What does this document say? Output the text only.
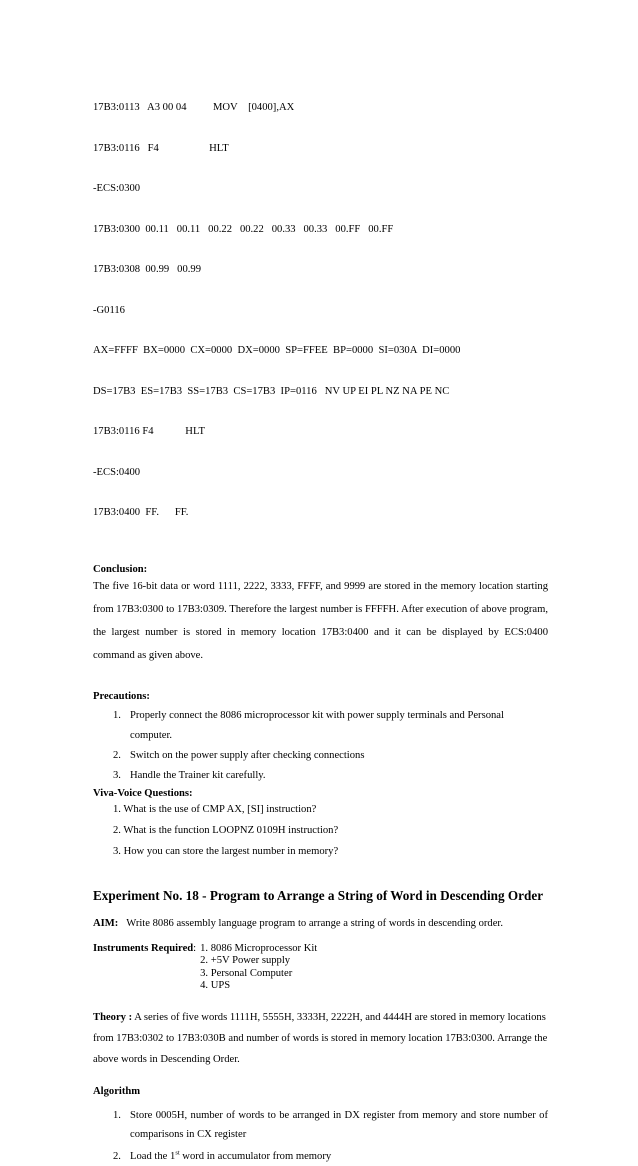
17B3:0113   A3 00 04          MOV    [0400],AX

17B3:0116   F4                   HLT

-ECS:0300

17B3:0300  00.11   00.11   00.22   00.22   00.33   00.33   00.FF   00.FF

17B3:0308  00.99   00.99

-G0116

AX=FFFF  BX=0000  CX=0000  DX=0000  SP=FFEE  BP=0000  SI=030A  DI=0000

DS=17B3  ES=17B3  SS=17B3  CS=17B3  IP=0116   NV UP EI PL NZ NA PE NC

17B3:0116 F4            HLT

-ECS:0400

17B3:0400  FF.      FF.

Conclusion:
The five 16-bit data or word 1111, 2222, 3333, FFFF, and 9999 are stored in the memory location starting from 17B3:0300 to 17B3:0309. Therefore the largest number is FFFFH. After execution of above program, the largest number is stored in memory location 17B3:0400 and it can be displayed by ECS:0400 command as given above.
Precautions:
1. Properly connect the 8086 microprocessor kit with power supply terminals and Personal computer.
2. Switch on the power supply after checking connections
3. Handle the Trainer kit carefully.
Viva-Voice Questions:
1. What is the use of CMP AX, [SI] instruction?
2. What is the function LOOPNZ 0109H instruction?
3. How you can store the largest number in memory?
Experiment No. 18 - Program to Arrange a String of Word in Descending Order
AIM: Write 8086 assembly language program to arrange a string of words in descending order.
Instruments Required: 1. 8086 Microprocessor Kit
2. +5V Power supply
3. Personal Computer
4. UPS
Theory : A series of five words 1111H, 5555H, 3333H, 2222H, and 4444H are stored in memory locations from 17B3:0302 to 17B3:030B and number of words is stored in memory location 17B3:0300. Arrange the above words in Descending Order.
Algorithm
1. Store 0005H, number of words to be arranged in DX register from memory and store number of comparisons in CX register
2. Load the 1st word in accumulator from memory
